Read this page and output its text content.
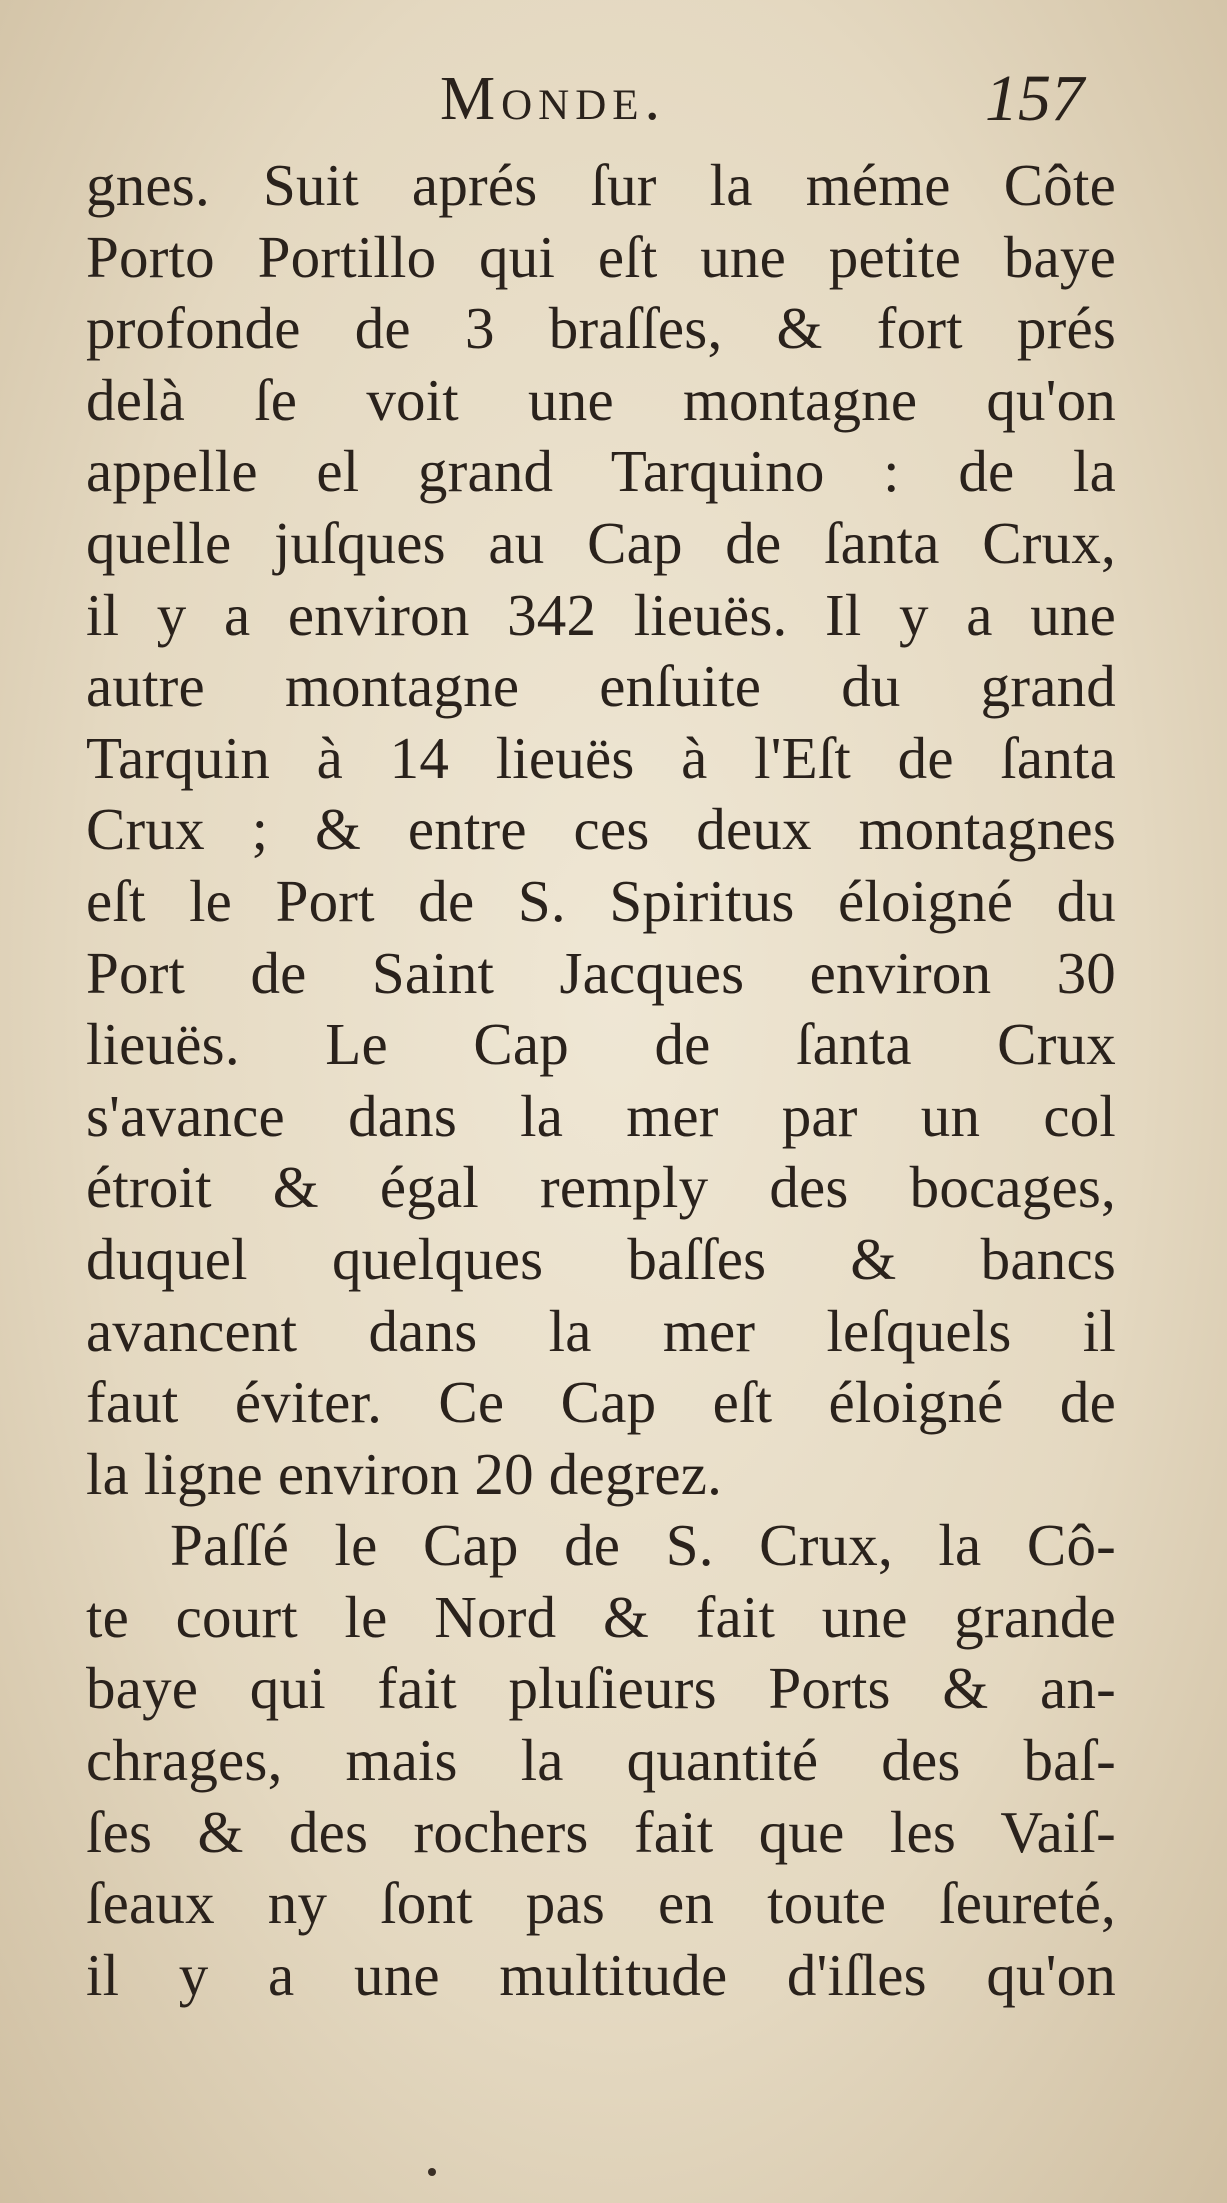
Monde.	157
gnes. Suit aprés ſur la méme Côte
Porto Portillo qui eſt une petite baye
profonde de 3 braſſes, & fort prés
delà ſe voit une montagne qu'on
appelle el grand Tarquino : de la
quelle juſques au Cap de ſanta Crux,
il y a environ 342 lieuës. Il y a une
autre montagne enſuite du grand
Tarquin à 14 lieuës à l'Eſt de ſanta
Crux ; & entre ces deux montagnes
eſt le Port de S. Spiritus éloigné du
Port de Saint Jacques environ 30
lieuës. Le Cap de ſanta Crux
s'avance dans la mer par un col
étroit & égal remply des bocages,
duquel quelques baſſes & bancs
avancent dans la mer leſquels il
faut éviter. Ce Cap eſt éloigné de
la ligne environ 20 degrez.
Paſſé le Cap de S. Crux, la Cô-
te court le Nord & fait une grande
baye qui fait pluſieurs Ports & an-
chrages, mais la quantité des baſ-
ſes & des rochers fait que les Vaiſ-
ſeaux ny ſont pas en toute ſeureté,
il y a une multitude d'iſles qu'on
